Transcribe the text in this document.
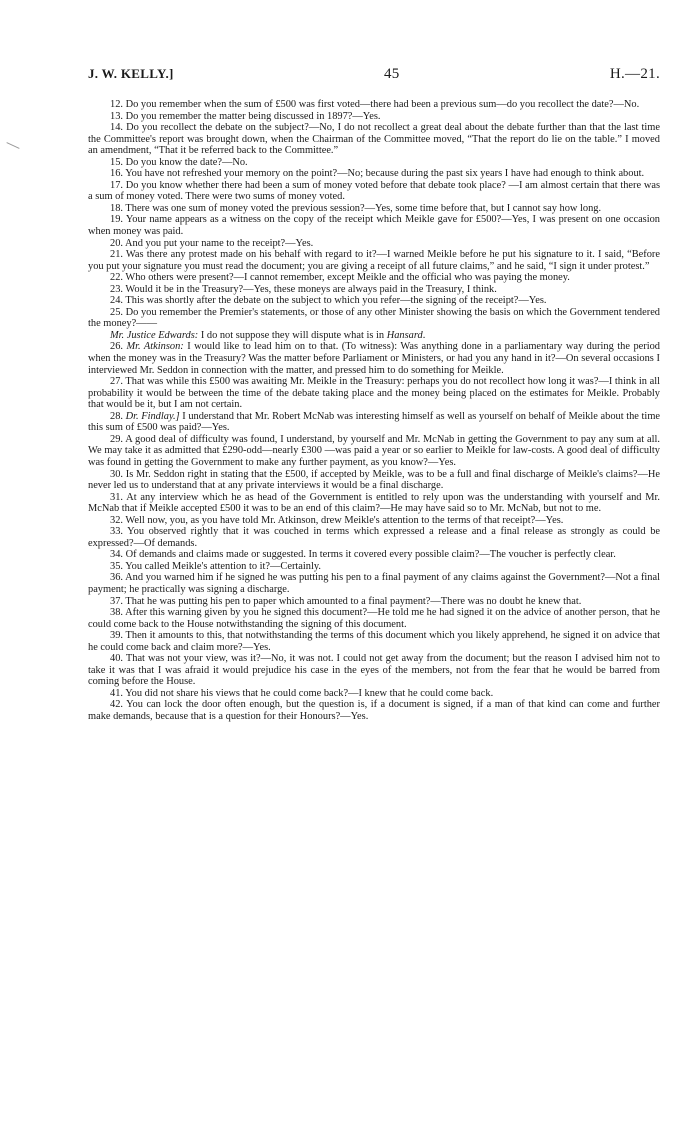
J. W. KELLY.]	45	H.—21.

12. Do you remember when the sum of £500 was first voted—there had been a previous sum—do you recollect the date?—No.

13. Do you remember the matter being discussed in 1897?—Yes.

14. Do you recollect the debate on the subject?—No, I do not recollect a great deal about the debate further than that the last time the Committee's report was brought down, when the Chairman of the Committee moved, “That the report do lie on the table.” I moved an amendment, “That it be referred back to the Committee.”

15. Do you know the date?—No.

16. You have not refreshed your memory on the point?—No; because during the past six years I have had enough to think about.

17. Do you know whether there had been a sum of money voted before that debate took place? —I am almost certain that there was a sum of money voted. There were two sums of money voted.

18. There was one sum of money voted the previous session?—Yes, some time before that, but I cannot say how long.

19. Your name appears as a witness on the copy of the receipt which Meikle gave for £500?—Yes, I was present on one occasion when money was paid.

20. And you put your name to the receipt?—Yes.

21. Was there any protest made on his behalf with regard to it?—I warned Meikle before he put his signature to it. I said, “Before you put your signature you must read the document; you are giving a receipt of all future claims,” and he said, “I sign it under protest.”

22. Who others were present?—I cannot remember, except Meikle and the official who was paying the money.

23. Would it be in the Treasury?—Yes, these moneys are always paid in the Treasury, I think.

24. This was shortly after the debate on the subject to which you refer—the signing of the receipt?—Yes.

25. Do you remember the Premier's statements, or those of any other Minister showing the basis on which the Government tendered the money?——

Mr. Justice Edwards: I do not suppose they will dispute what is in Hansard.

26. Mr. Atkinson: I would like to lead him on to that. (To witness): Was anything done in a parliamentary way during the period when the money was in the Treasury? Was the matter before Parliament or Ministers, or had you any hand in it?—On several occasions I interviewed Mr. Seddon in connection with the matter, and pressed him to do something for Meikle.

27. That was while this £500 was awaiting Mr. Meikle in the Treasury: perhaps you do not recollect how long it was?—I think in all probability it would be between the time of the debate taking place and the money being placed on the estimates for Meikle. Probably that would be it, but I am not certain.

28. Dr. Findlay.] I understand that Mr. Robert McNab was interesting himself as well as yourself on behalf of Meikle about the time this sum of £500 was paid?—Yes.

29. A good deal of difficulty was found, I understand, by yourself and Mr. McNab in getting the Government to pay any sum at all. We may take it as admitted that £290-odd—nearly £300 —was paid a year or so earlier to Meikle for law-costs. A good deal of difficulty was found in getting the Government to make any further payment, as you know?—Yes.

30. Is Mr. Seddon right in stating that the £500, if accepted by Meikle, was to be a full and final discharge of Meikle's claims?—He never led us to understand that at any private interviews it would be a final discharge.

31. At any interview which he as head of the Government is entitled to rely upon was the understanding with yourself and Mr. McNab that if Meikle accepted £500 it was to be an end of this claim?—He may have said so to Mr. McNab, but not to me.

32. Well now, you, as you have told Mr. Atkinson, drew Meikle's attention to the terms of that receipt?—Yes.

33. You observed rightly that it was couched in terms which expressed a release and a final release as strongly as could be expressed?—Of demands.

34. Of demands and claims made or suggested. In terms it covered every possible claim?—The voucher is perfectly clear.

35. You called Meikle's attention to it?—Certainly.

36. And you warned him if he signed he was putting his pen to a final payment of any claims against the Government?—Not a final payment; he practically was signing a discharge.

37. That he was putting his pen to paper which amounted to a final payment?—There was no doubt he knew that.

38. After this warning given by you he signed this document?—He told me he had signed it on the advice of another person, that he could come back to the House notwithstanding the signing of this document.

39. Then it amounts to this, that notwithstanding the terms of this document which you likely apprehend, he signed it on advice that he could come back and claim more?—Yes.

40. That was not your view, was it?—No, it was not. I could not get away from the document; but the reason I advised him not to take it was that I was afraid it would prejudice his case in the eyes of the members, not from the fear that he would be barred from coming before the House.

41. You did not share his views that he could come back?—I knew that he could come back.

42. You can lock the door often enough, but the question is, if a document is signed, if a man of that kind can come and further make demands, because that is a question for their Honours?—Yes.
